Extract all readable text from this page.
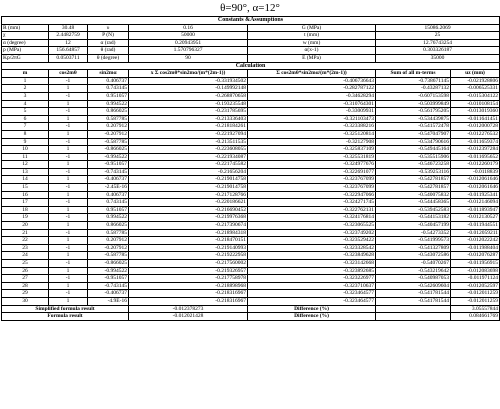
θ=90°, α=12°
Constants &Assumptions						
R (mm)	30.48	υ	0.16	G (MPa)	15086.2069	
χ	2.4482759	P (N)	50000	t (mm)	25	
α (degree)	12	α (rad)	0.20943951	w (mm)	12.76743254	
p (MPa)	156.64857	θ (rad)	1.570796327	α(x-1)	0.303326187	
Kp/2πG	0.0503711	θ (degree)	90	E (MPa)	35000	
Calculation						
m	cos2mθ	sin2mα	x Σ cos2mθ*sin2mα/(m*(2m-1))	Σ cos2mθ*sin2mα/(m*(2m-1))	Sum of all m-terms	uz (mm)
1	-1	0.406737	-0.331934502	-0.406736643	-0.738671145	-0.021928806
2	1	0.743145	-0.149992148	-0.282787122	-0.43287132	-0.006525331
3	-1	0.951057	-0.268870658	-0.34628294	-0.607153598	-0.015304122
4	1	0.994522	-0.193235548	-0.310764301	-0.503999849	-0.010108154
5	-1	0.866025	-0.231785695	-0.33009931	-0.561795205	-0.013019360
6	1	0.587785	-0.213336403	-0.321103473	-0.534439875	-0.011641451
7	-1	0.207912	-0.218184261	-0.323388216	-0.541572478	-0.012000728
8	1	-0.207912	-0.221927094	-0.325120814	-0.547047907	-0.012276532
9	-1	-0.587785	-0.213511535	-0.32127908	-0.534790616	-0.011659374
10	1	-0.866025	-0.223608055	-0.325837109	-0.549445164	-0.012397284
11	-1	-0.994522	-0.221934087	-0.325531819	-0.535515906	-0.011695652
12	1	-0.951057	-0.221745582	-0.324977676	-0.546723258	-0.012260179
13	-1	-0.743145	-0.21656204	-0.322691077	-0.539253116	-0.0118839
14	1	-0.406737	-0.219014758	-0.323767099	-0.542781857	-0.012061646
15	-1	-2.45E-16	-0.219014758	-0.323767099	-0.542781857	-0.012061646
16	1	0.406737	-0.217128766	-0.322947066	-0.540075832	-0.011925341
17	-1	0.743145	-0.220186621	-0.324271745	-0.544458365	-0.012146094
18	1	0.951057	-0.216690452	-0.322762131	-0.539452583	-0.011893947
19	-1	0.994522	-0.219976368	-0.324176814	-0.544153182	-0.012130527
20	1	0.866025	-0.217390674	-0.323065525	-0.540457199	-0.011944551
21	-1	0.587785	-0.218984318	-0.323749202	-0.54273352	-0.012059211
22	1	0.207912	-0.218470151	-0.323529422	-0.541999573	-0.012022242
23	-1	-0.207912	-0.219140993	-0.323328542	-0.541327809	-0.011988404
24	1	-0.587785	-0.219222958	-0.323849628	-0.543072586	-0.012076287
25	-1	-0.866025	-0.217560002	-0.323142668	-0.54070267	-0.011956915
26	1	-0.994522	-0.219326957	-0.323892685	-0.543219642	-0.012083698
27	-1	-0.951057	-0.217758978	-0.323226977	-0.540987053	-0.011971124
28	1	-0.743145	-0.218898968	-0.323710637	-0.542609604	-0.012052597
29	-1	-0.406737	-0.218316967	-0.323464577	-0.541781544	-0.012011259
30	1	-4.9E-16	-0.218316967	-0.323464577	-0.541781544	-0.012011259
Simplified formula result			-0.012378273	Difference (%)		3.05557844
Formula result			-0.012021428	Difference (%)		0.084661769
